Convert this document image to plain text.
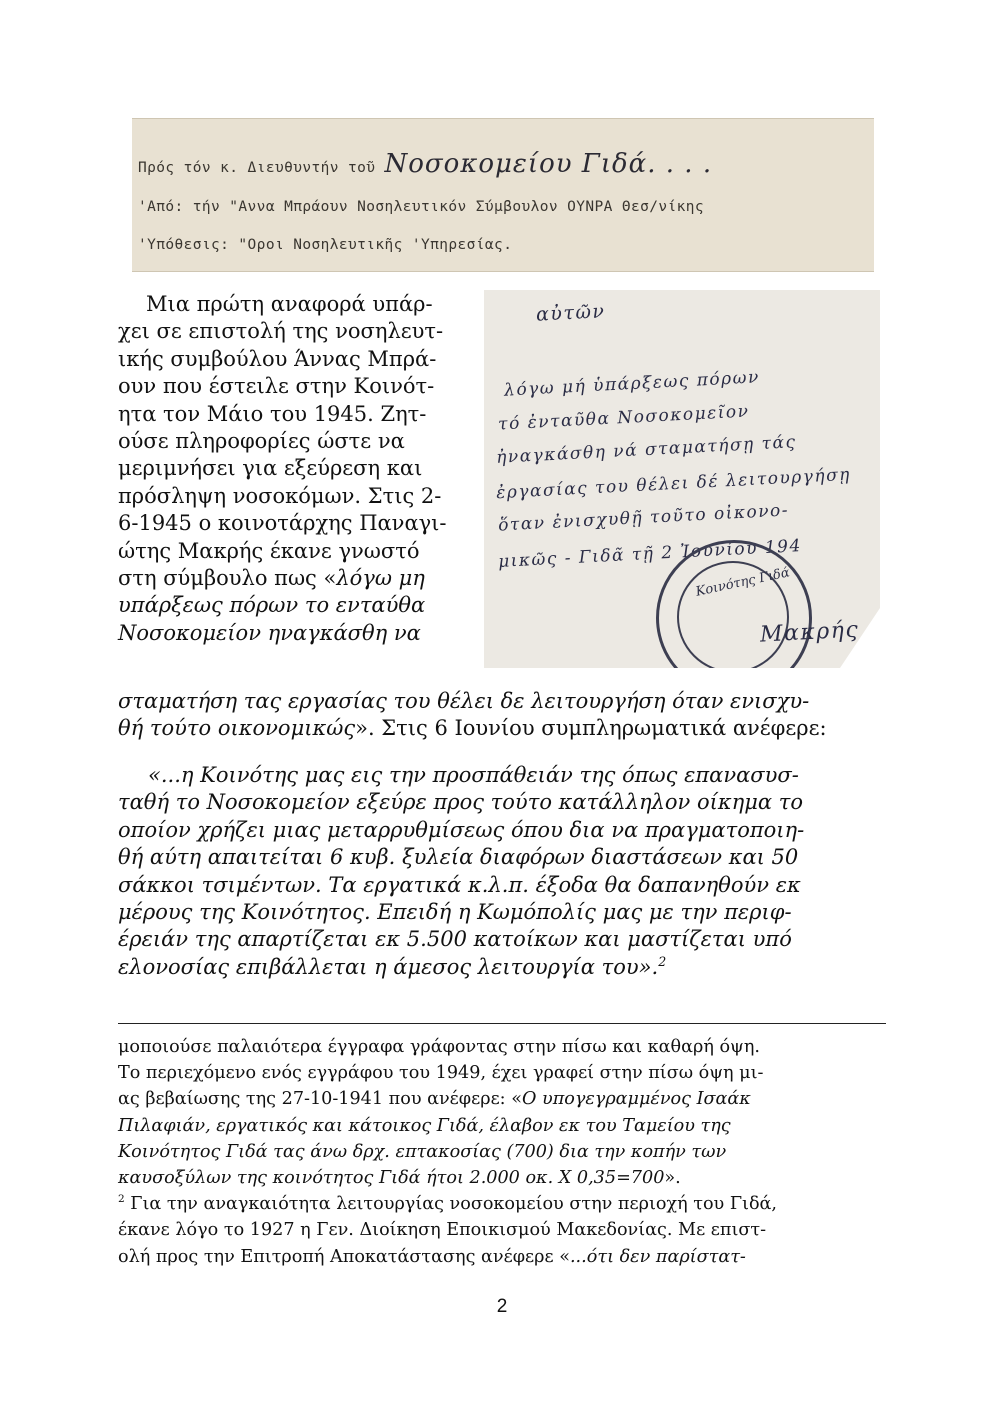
Πρός τόν κ. Διευθυντήν τοῦ Νοσοκομείου Γιδά. . . .
'Από: τήν "Αννα Μπράουν Νοσηλευτικόν Σύμβουλον ΟΥΝΡΑ Θεσ/νίκης
'Υπόθεσις: "Οροι Νοσηλευτικῆς 'Υπηρεσίας.
αὐτῶν
λόγω μή ὑπάρξεως πόρων
τό ἐνταῦθα Νοσοκομεῖον
ἠναγκάσθη νά σταματήσῃ τάς
ἐργασίας του θέλει δέ λειτουργήσῃ
ὅταν ἐνισχυθῇ τοῦτο οἰκονο-
μικῶς - Γιδᾶ τῇ 2 Ἰουνίου 194
Κοινότης Γιδά
Μακρής
Μια πρώτη αναφορά υπάρ-
χει σε επιστολή της νοσηλευτ-
ικής συμβούλου Άννας Μπρά-
ουν που έστειλε στην Κοινότ-
ητα τον Μάιο του 1945. Ζητ-
ούσε πληροφορίες ώστε να
μεριμνήσει για εξεύρεση και
πρόσληψη νοσοκόμων. Στις 2-
6-1945 ο κοινοτάρχης Παναγι-
ώτης Μακρής έκανε γνωστό
στη σύμβουλο πως «λόγω μη
υπάρξεως πόρων το ενταύθα
Νοσοκομείον ηναγκάσθη να
σταματήση τας εργασίας του θέλει δε λειτουργήση όταν ενισχυ-
θή τούτο οικονομικώς». Στις 6 Ιουνίου συμπληρωματικά ανέφερε:
«...η Κοινότης μας εις την προσπάθειάν της όπως επανασυσ-
ταθή το Νοσοκομείον εξεύρε προς τούτο κατάλληλον οίκημα το
οποίον χρήζει μιας μεταρρυθμίσεως όπου δια να πραγματοποιη-
θή αύτη απαιτείται 6 κυβ. ξυλεία διαφόρων διαστάσεων και 50
σάκκοι τσιμέντων. Τα εργατικά κ.λ.π. έξοδα θα δαπανηθούν εκ
μέρους της Κοινότητος. Επειδή η Κωμόπολίς μας με την περιφ-
έρειάν της απαρτίζεται εκ 5.500 κατοίκων και μαστίζεται υπό
ελονοσίας επιβάλλεται η άμεσος λειτουργία του».$^2$
μοποιούσε παλαιότερα έγγραφα γράφοντας στην πίσω και καθαρή όψη.
Το περιεχόμενο ενός εγγράφου του 1949, έχει γραφεί στην πίσω όψη μι-
ας βεβαίωσης της 27-10-1941 που ανέφερε: «Ο υπογεγραμμένος Ισαάκ
Πιλαφιάν, εργατικός και κάτοικος Γιδά, έλαβον εκ του Ταμείου της
Κοινότητος Γιδά τας άνω δρχ. επτακοσίας (700) δια την κοπήν των
καυσοξύλων της κοινότητος Γιδά ήτοι 2.000 οκ. Χ 0,35=700».
$^2$ Για την αναγκαιότητα λειτουργίας νοσοκομείου στην περιοχή του Γιδά,
έκανε λόγο το 1927 η Γεν. Διοίκηση Εποικισμού Μακεδονίας. Με επιστ-
ολή προς την Επιτροπή Αποκατάστασης ανέφερε «...ότι δεν παρίστατ-
2
